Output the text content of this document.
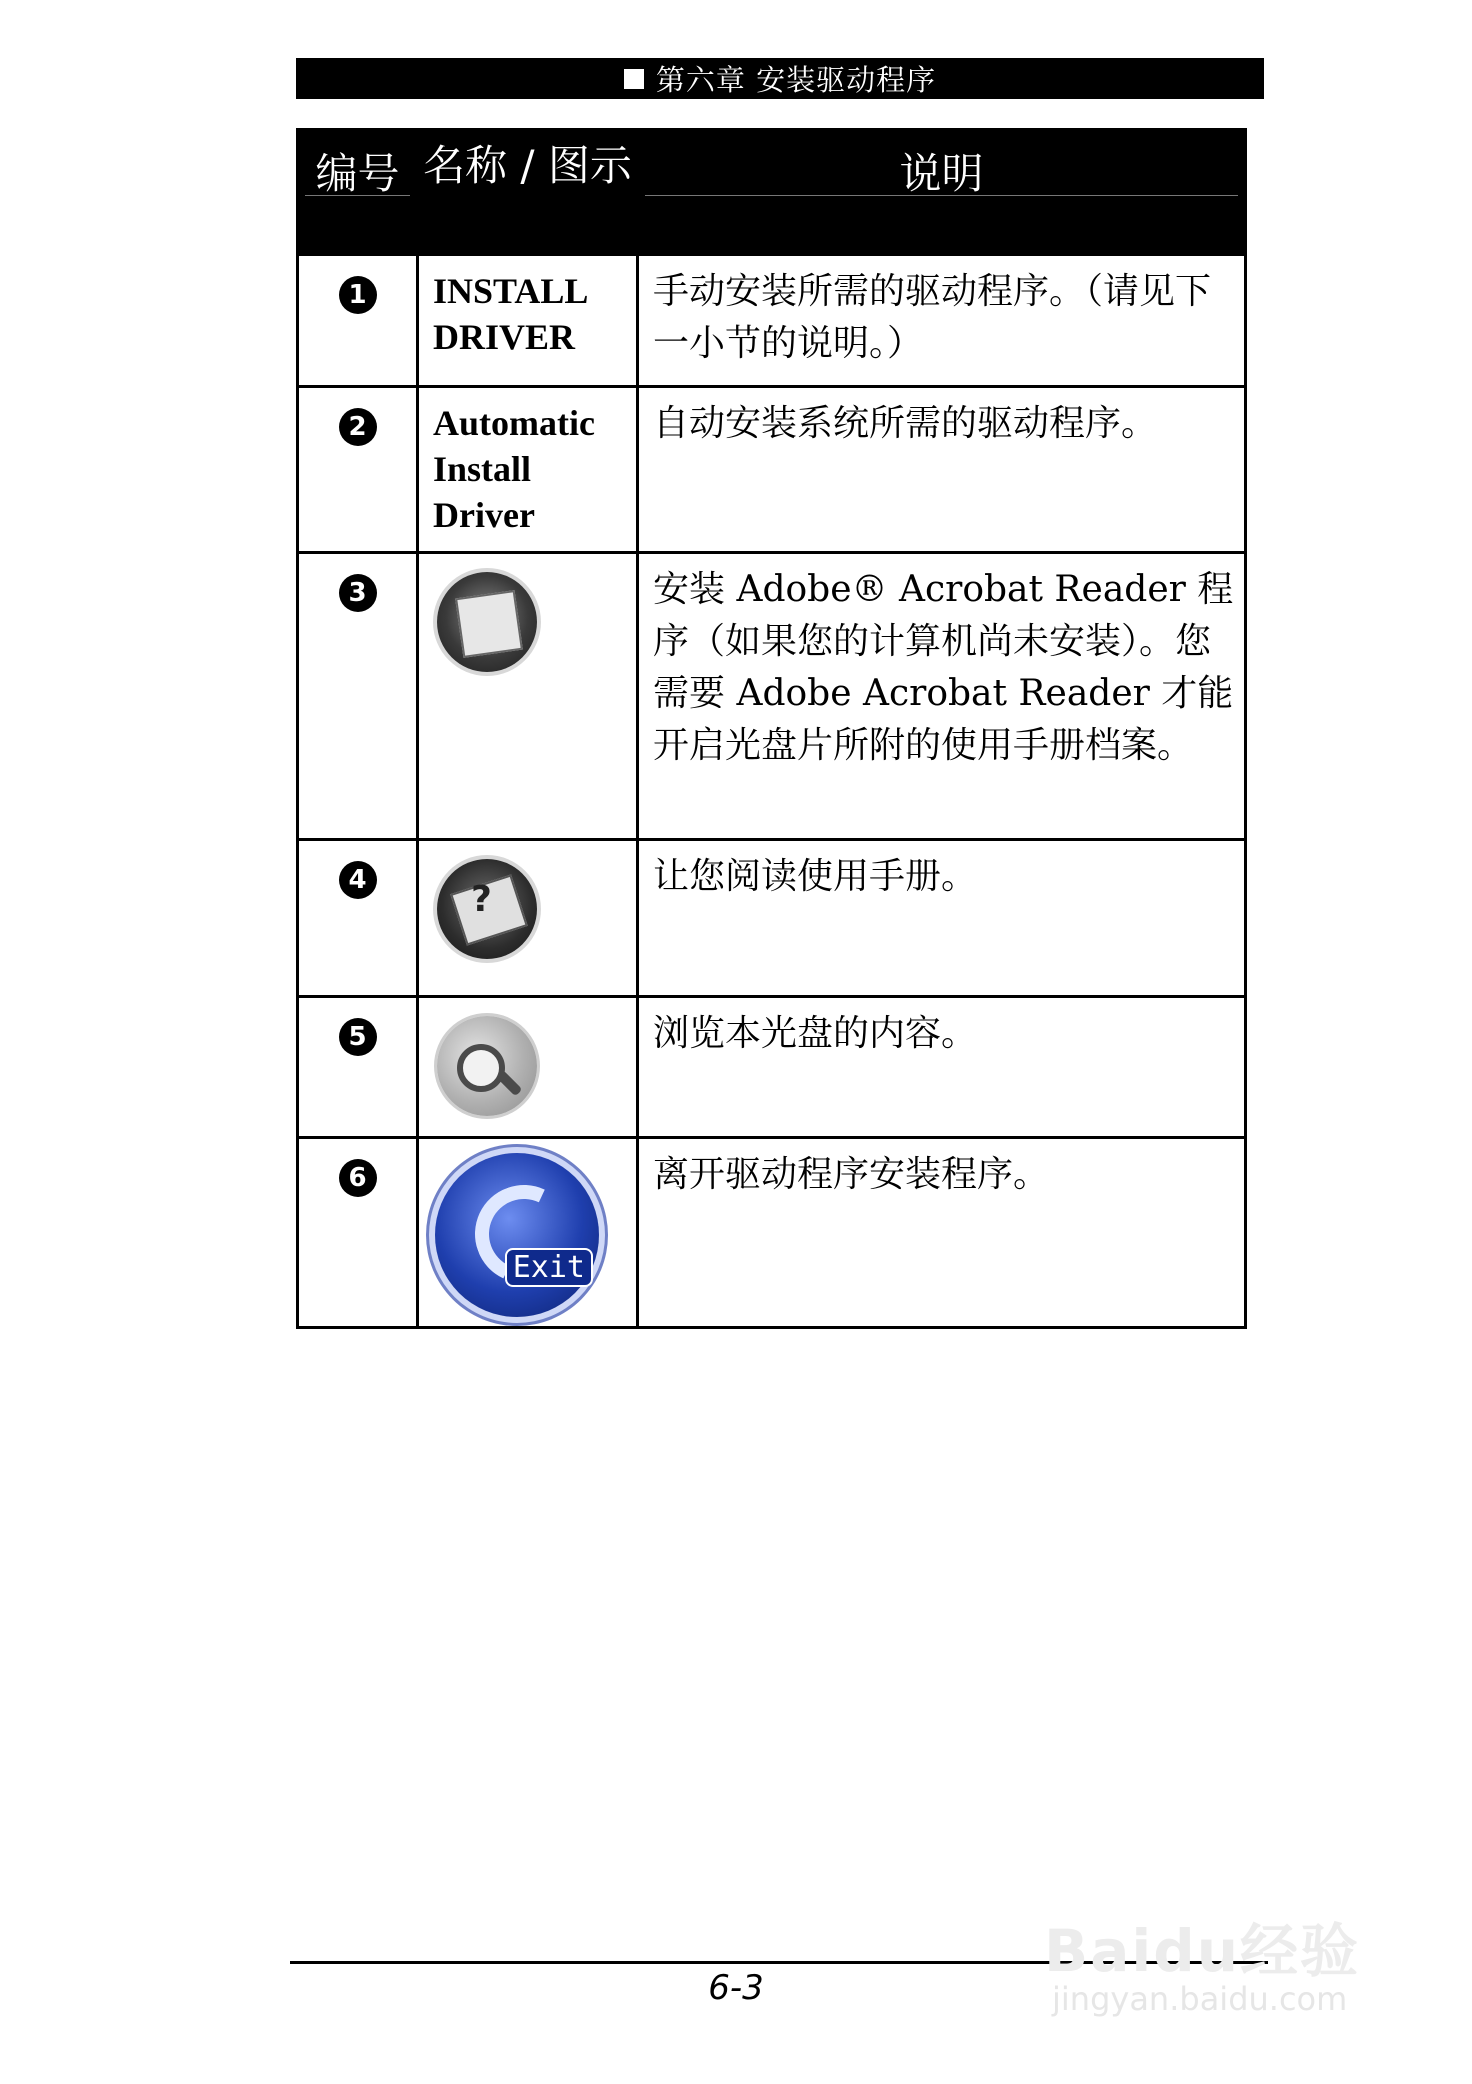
第六章 安装驱动程序
编号	名称 / 图示	说明

1	INSTALL DRIVER	手动安装所需的驱动程序。（请见下一小节的说明。）

2	Automatic Install Driver	自动安装系统所需的驱动程序。

3		安装 Adobe® Acrobat Reader 程序（如果您的计算机尚未安装）。您需要 Adobe Acrobat Reader 才能开启光盘片所附的使用手册档案。

4	?	让您阅读使用手册。

5		浏览本光盘的内容。

6	Exit	离开驱动程序安装程序。
6-3
Baidu经验
jingyan.baidu.com
